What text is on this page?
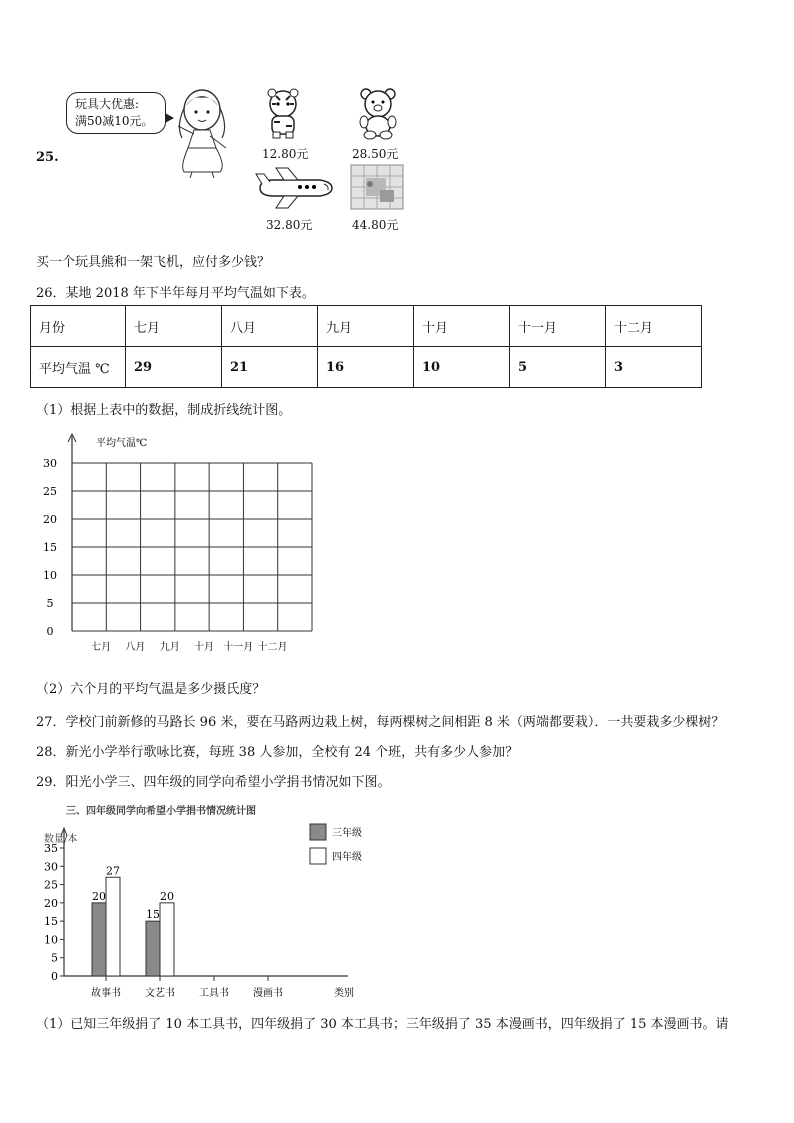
25.
玩具大优惠:
满50减10元。
12.80元	28.50元
32.80元	44.80元
买一个玩具熊和一架飞机，应付多少钱？
26．某地 2018 年下半年每月平均气温如下表。
月份	七月	八月	九月	十月	十一月	十二月
平均气温 ℃	29	21	16	10	5	3
（1）根据上表中的数据，制成折线统计图。
平均气温℃
0
5
10
15
20
25
30
七月 八月 九月 十月 十一月 十二月
（2）六个月的平均气温是多少摄氏度？
27．学校门前新修的马路长 96 米，要在马路两边栽上树，每两棵树之间相距 8 米（两端都要栽）．一共要栽多少棵树？
28．新光小学举行歌咏比赛，每班 38 人参加，全校有 24 个班，共有多少人参加？
29．阳光小学三、四年级的同学向希望小学捐书情况如下图。
三、四年级同学向希望小学捐书情况统计图
数量/本
0
5
10
15
20
25
30
35
故事书
20
27
文艺书
15
20
工具书 漫画书	类别
三年级
四年级
（1）已知三年级捐了 10 本工具书，四年级捐了 30 本工具书；三年级捐了 35 本漫画书，四年级捐了 15 本漫画书。请
